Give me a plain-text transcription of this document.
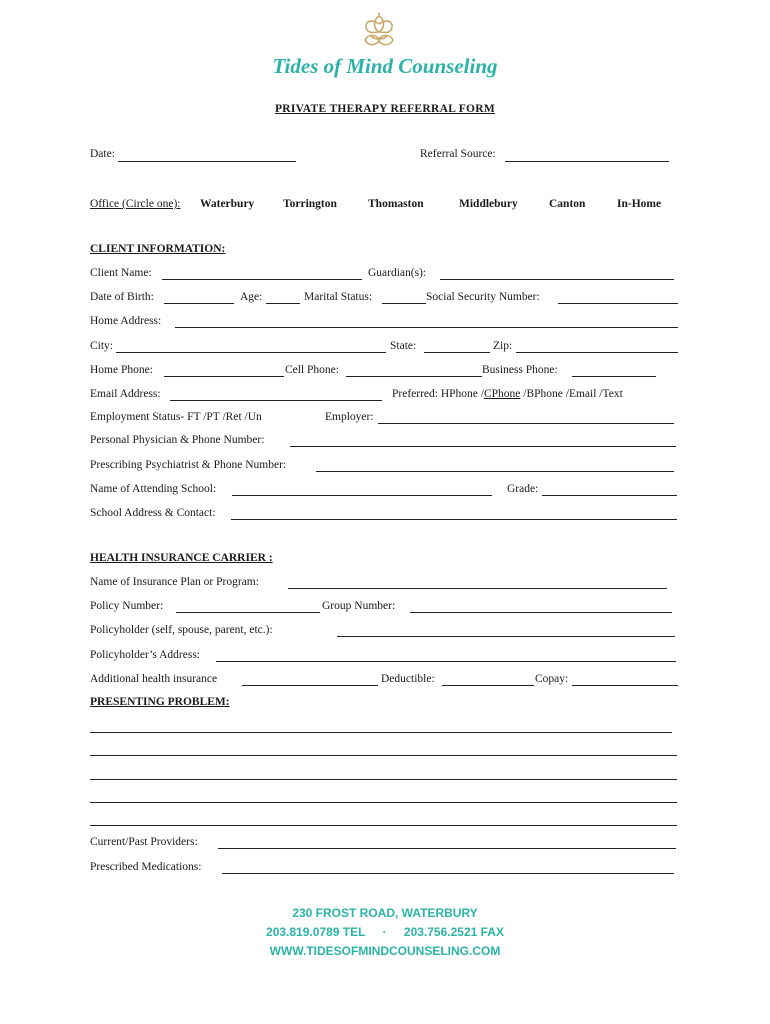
Tides of Mind Counseling
PRIVATE THERAPY REFERRAL FORM
Date:	Referral Source:
Office (Circle one): Waterbury Torrington	Thomaston	Middlebury	Canton	In-Home
CLIENT INFORMATION:
Client Name:	Guardian(s):
Date of Birth:	Age:	Marital Status:	Social Security Number:
Home Address:
City:	State:	Zip:
Home Phone:	Cell Phone:	Business Phone:
Email Address:	Preferred: HPhone /CPhone /BPhone /Email /Text
Employment Status- FT /PT /Ret /Un	Employer:
Personal Physician & Phone Number:
Prescribing Psychiatrist & Phone Number:
Name of Attending School:	Grade:
School Address & Contact:
HEALTH INSURANCE CARRIER :
Name of Insurance Plan or Program:
Policy Number:	Group Number:
Policyholder (self, spouse, parent, etc.):
Policyholder’s Address:
Additional health insurance	Deductible:	Copay:
PRESENTING PROBLEM:
Current/Past Providers:
Prescribed Medications:
230 FROST ROAD, WATERBURY
203.819.0789 TEL · 203.756.2521 FAX
WWW.TIDESOFMINDCOUNSELING.COM
